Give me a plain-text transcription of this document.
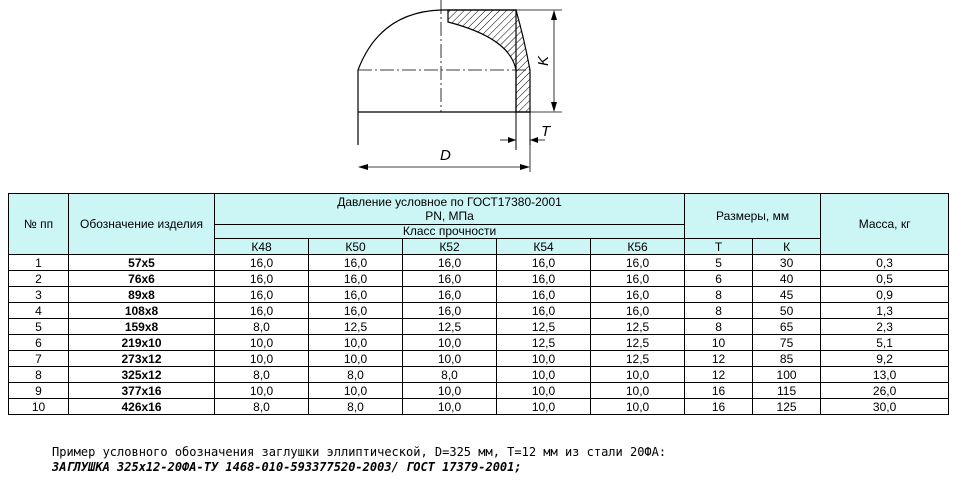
K
T
D
№ пп	Обозначение изделия	Давление условное по ГОСТ17380-2001 PN, МПа					Размеры, мм		Масса, кг
		Класс прочности							
		К48	К50	К52	К54	К56	Т	К	
1	57x5	16,0	16,0	16,0	16,0	16,0	5	30	0,3
2	76x6	16,0	16,0	16,0	16,0	16,0	6	40	0,5
3	89x8	16,0	16,0	16,0	16,0	16,0	8	45	0,9
4	108x8	16,0	16,0	16,0	16,0	16,0	8	50	1,3
5	159x8	8,0	12,5	12,5	12,5	12,5	8	65	2,3
6	219x10	10,0	10,0	10,0	12,5	12,5	10	75	5,1
7	273x12	10,0	10,0	10,0	10,0	12,5	12	85	9,2
8	325x12	8,0	8,0	8,0	10,0	10,0	12	100	13,0
9	377x16	10,0	10,0	10,0	10,0	10,0	16	115	26,0
10	426x16	8,0	8,0	10,0	10,0	10,0	16	125	30,0
Пример условного обозначения заглушки эллиптической, D=325 мм, Т=12 мм из стали 20ФА:
ЗАГЛУШКА 325х12-20ФА-ТУ 1468-010-593377520-2003/ ГОСТ 17379-2001;
